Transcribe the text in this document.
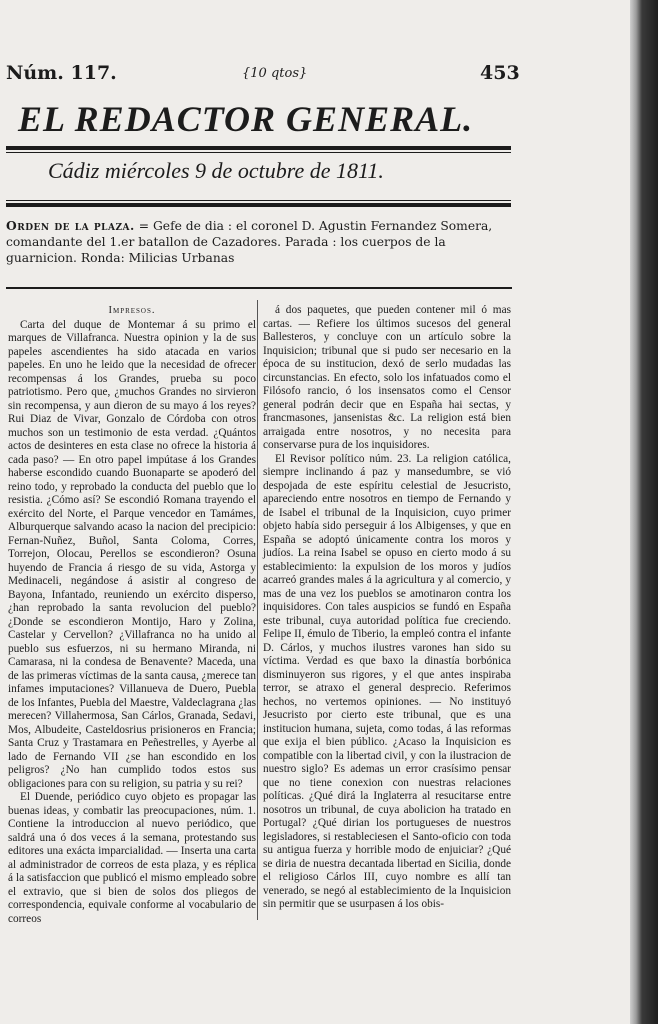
Núm. 117.	{10 qtos}	453
EL REDACTOR GENERAL.
Cádiz miércoles 9 de octubre de 1811.
Orden de la plaza. = Gefe de dia : el coronel D. Agustin Fernandez Somera, comandante del 1.er batallon de Cazadores. Parada : los cuerpos de la guarnicion. Ronda: Milicias Urbanas

Impresos.

Carta del duque de Montemar á su primo el marques de Villafranca. Nuestra opinion y la de sus papeles ascendientes ha sido atacada en varios papeles. En uno he leido que la necesidad de ofrecer recompensas á los Grandes, prueba su poco patriotismo. Pero que, ¿muchos Grandes no sirvieron sin recompensa, y aun dieron de su mayo á los reyes? Rui Diaz de Vivar, Gonzalo de Córdoba con otros muchos son un testimonio de esta verdad. ¿Quántos actos de desinteres en esta clase no ofrece la historia á cada paso? — En otro papel impútase á los Grandes haberse escondido cuando Buonaparte se apoderó del reino todo, y reprobado la conducta del pueblo que lo resistia. ¿Cómo así? Se escondió Romana trayendo el exército del Norte, el Parque vencedor en Tamámes, Alburquerque salvando acaso la nacion del precipicio: Fernan-Nuñez, Buñol, Santa Coloma, Corres, Torrejon, Olocau, Perellos se escondieron? Osuna huyendo de Francia á riesgo de su vida, Astorga y Medinaceli, negándose á asistir al congreso de Bayona, Infantado, reuniendo un exército disperso, ¿han reprobado la santa revolucion del pueblo? ¿Donde se escondieron Montijo, Haro y Zolina, Castelar y Cervellon? ¿Villafranca no ha unido al pueblo sus esfuerzos, ni su hermano Miranda, ni Camarasa, ni la condesa de Benavente? Maceda, una de las primeras víctimas de la santa causa, ¿merece tan infames imputaciones? Villanueva de Duero, Puebla de los Infantes, Puebla del Maestre, Valdeclagrana ¿las merecen? Villahermosa, San Cárlos, Granada, Sedavi, Mos, Albudeite, Casteldosrius prisioneros en Francia; Santa Cruz y Trastamara en Peñestrelles, y Ayerbe al lado de Fernando VII ¿se han escondido en los peligros? ¿No han cumplido todos estos sus obligaciones para con su religion, su patria y su rei?

El Duende, periódico cuyo objeto es propagar las buenas ideas, y combatir las preocupaciones, núm. 1. Contiene la introduccion al nuevo periódico, que saldrá una ó dos veces á la semana, protestando sus editores una exácta imparcialidad. — Inserta una carta al administrador de correos de esta plaza, y es réplica á la satisfaccion que publicó el mismo empleado sobre el extravio, que si bien de solos dos pliegos de correspondencia, equivale conforme al vocabulario de correos

á dos paquetes, que pueden contener mil ó mas cartas. — Refiere los últimos sucesos del general Ballesteros, y concluye con un artículo sobre la Inquisicion; tribunal que si pudo ser necesario en la época de su institucion, dexó de serlo mudadas las circunstancias. En efecto, solo los infatuados como el Filósofo rancio, ó los insensatos como el Censor general podrán decir que en España hai sectas, y francmasones, jansenistas &c. La religion está bien arraigada entre nosotros, y no necesita para conservarse pura de los inquisidores.

El Revisor político núm. 23. La religion católica, siempre inclinando á paz y mansedumbre, se vió despojada de este espíritu celestial de Jesucristo, apareciendo entre nosotros en tiempo de Fernando y de Isabel el tribunal de la Inquisicion, cuyo primer objeto había sido perseguir á los Albigenses, y que en España se adoptó únicamente contra los moros y judíos. La reina Isabel se opuso en cierto modo á su establecimiento: la expulsion de los moros y judíos acarreó grandes males á la agricultura y al comercio, y mas de una vez los pueblos se amotinaron contra los inquisidores. Con tales auspicios se fundó en España este tribunal, cuya autoridad política fue creciendo. Felipe II, émulo de Tiberio, la empleó contra el infante D. Cárlos, y muchos ilustres varones han sido su víctima. Verdad es que baxo la dinastía borbónica disminuyeron sus rigores, y el que antes inspiraba terror, se atraxo el general desprecio. Referimos hechos, no vertemos opiniones. — No instituyó Jesucristo por cierto este tribunal, que es una institucion humana, sujeta, como todas, á las reformas que exija el bien público. ¿Acaso la Inquisicion es compatible con la libertad civil, y con la ilustracion de nuestro siglo? Es ademas un error crasísimo pensar que no tiene conexion con nuestras relaciones políticas. ¿Qué dirá la Inglaterra al resucitarse entre nosotros un tribunal, de cuya abolicion ha tratado en Portugal? ¿Qué dirian los portugueses de nuestros legisladores, si restableciesen el Santo-oficio con toda su antigua fuerza y horrible modo de enjuiciar? ¿Qué se diria de nuestra decantada libertad en Sicilia, donde el religioso Cárlos III, cuyo nombre es allí tan venerado, se negó al establecimiento de la Inquisicion sin permitir que se usurpasen á los obis-
